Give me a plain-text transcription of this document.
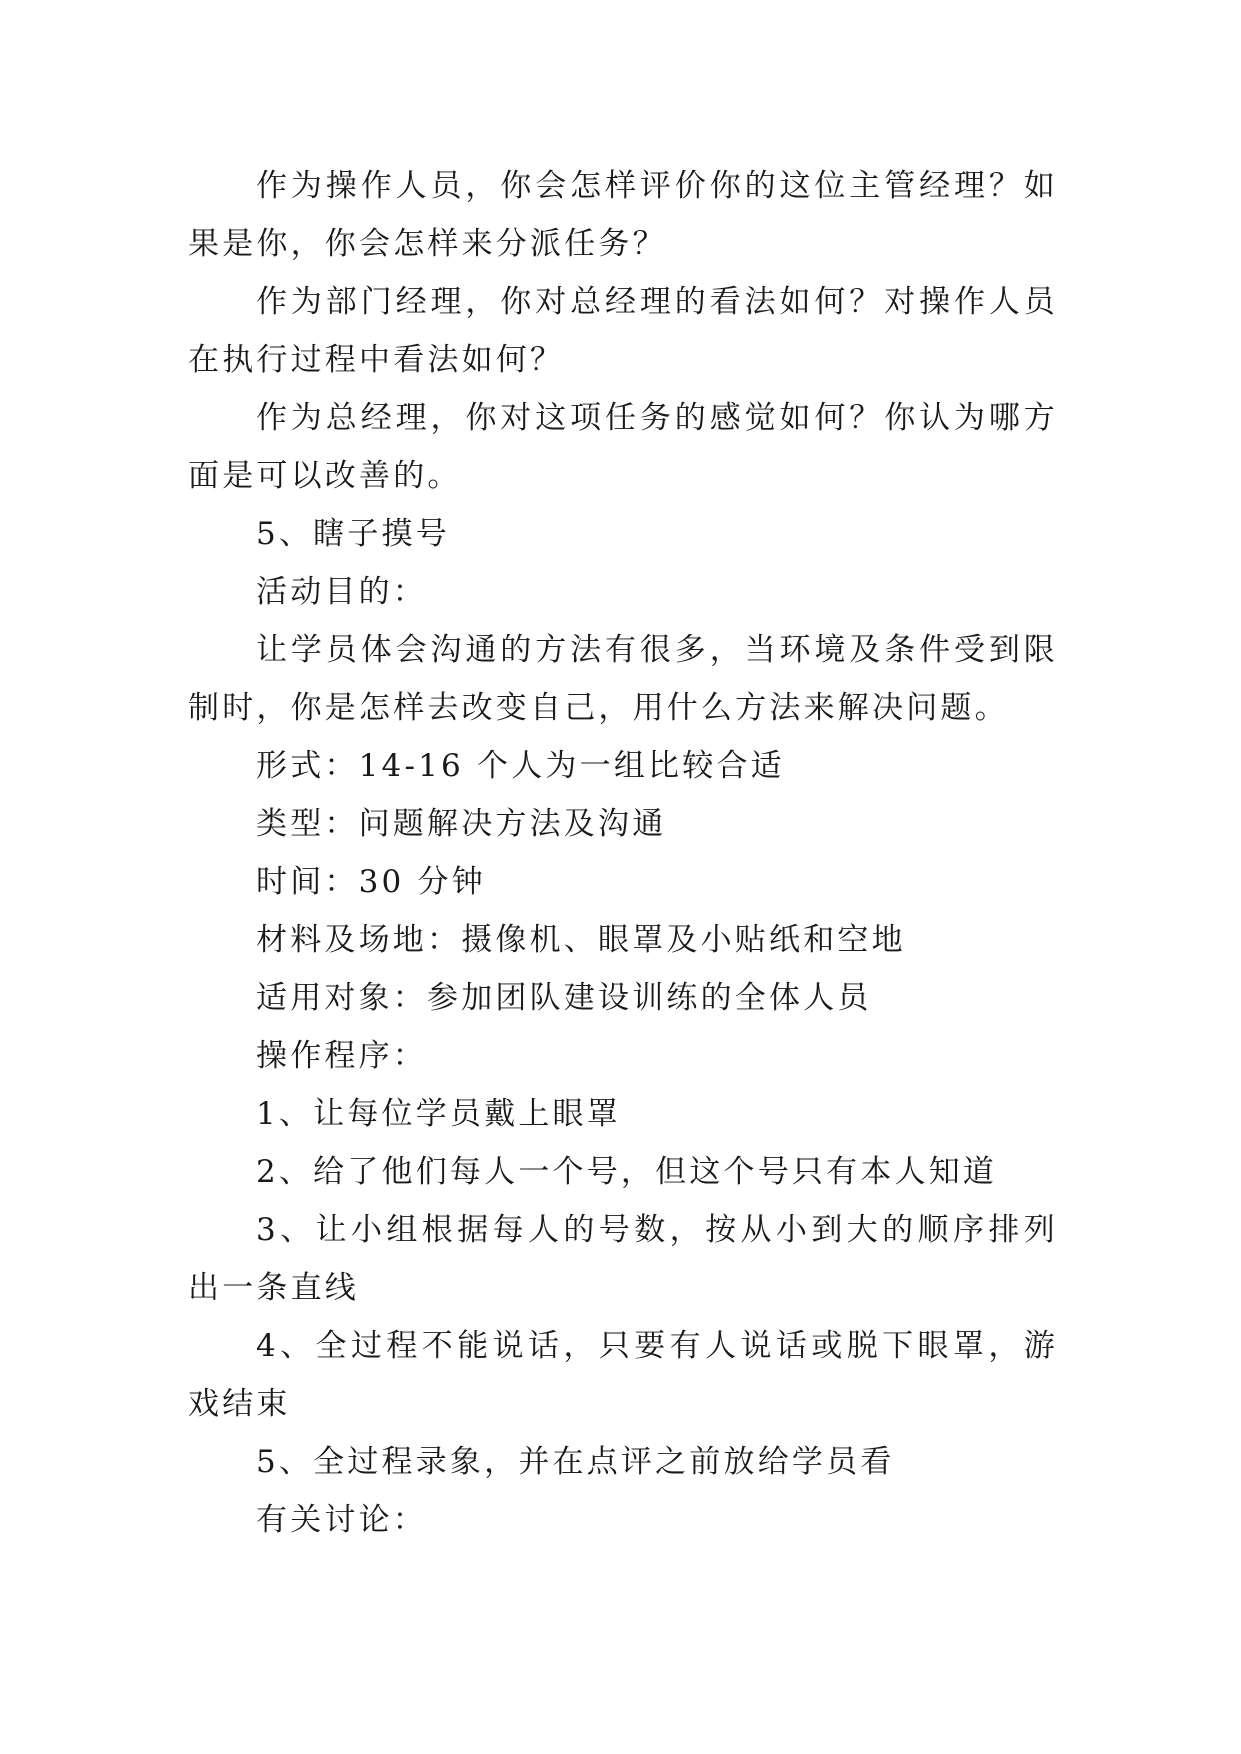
作为操作人员，你会怎样评价你的这位主管经理？如果是你，你会怎样来分派任务？

作为部门经理，你对总经理的看法如何？对操作人员在执行过程中看法如何？

作为总经理，你对这项任务的感觉如何？你认为哪方面是可以改善的。

5、瞎子摸号

活动目的：

让学员体会沟通的方法有很多，当环境及条件受到限制时，你是怎样去改变自己，用什么方法来解决问题。

形式：14-16 个人为一组比较合适

类型：问题解决方法及沟通

时间：30 分钟

材料及场地：摄像机、眼罩及小贴纸和空地

适用对象：参加团队建设训练的全体人员

操作程序：

1、让每位学员戴上眼罩

2、给了他们每人一个号，但这个号只有本人知道

3、让小组根据每人的号数，按从小到大的顺序排列出一条直线

4、全过程不能说话，只要有人说话或脱下眼罩，游戏结束

5、全过程录象，并在点评之前放给学员看

有关讨论：
